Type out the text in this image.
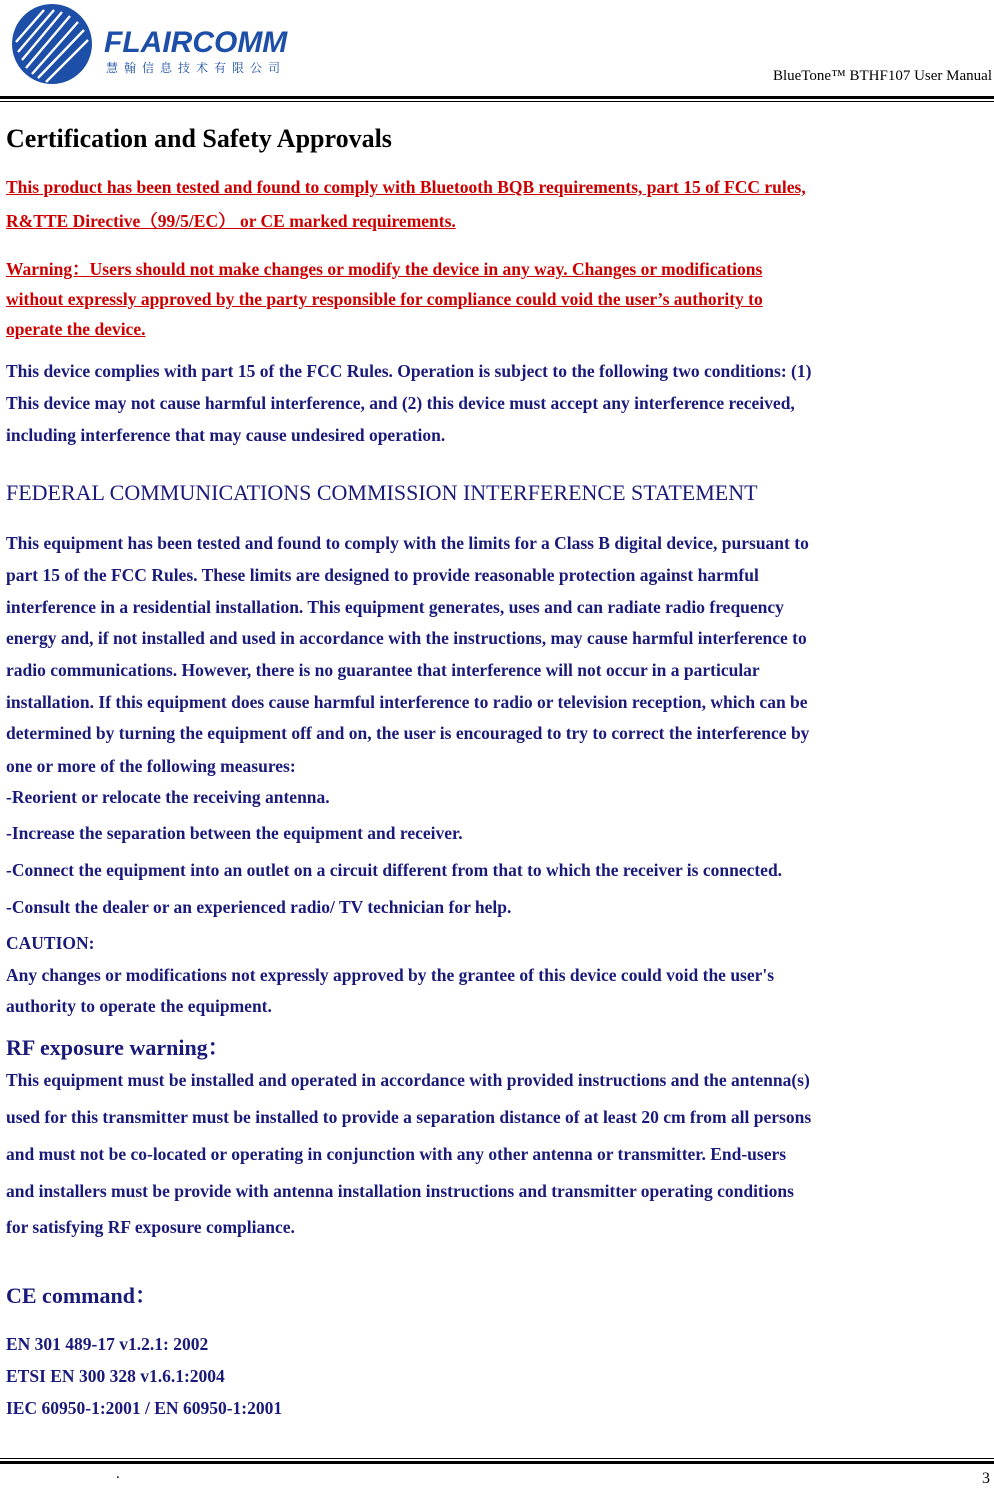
FLAIRCOMM
慧翰信息技术有限公司	BlueTone™ BTHF107 User Manual
Certification and Safety Approvals
This product has been tested and found to comply with Bluetooth BQB requirements, part 15 of FCC rules,
R&TTE Directive（99/5/EC） or CE marked requirements.
Warning：Users should not make changes or modify the device in any way. Changes or modifications
without expressly approved by the party responsible for compliance could void the user’s authority to
operate the device.
This device complies with part 15 of the FCC Rules. Operation is subject to the following two conditions: (1)
This device may not cause harmful interference, and (2) this device must accept any interference received,
including interference that may cause undesired operation.
FEDERAL COMMUNICATIONS COMMISSION INTERFERENCE STATEMENT
This equipment has been tested and found to comply with the limits for a Class B digital device, pursuant to
part 15 of the FCC Rules. These limits are designed to provide reasonable protection against harmful
interference in a residential installation. This equipment generates, uses and can radiate radio frequency
energy and, if not installed and used in accordance with the instructions, may cause harmful interference to
radio communications. However, there is no guarantee that interference will not occur in a particular
installation. If this equipment does cause harmful interference to radio or television reception, which can be
determined by turning the equipment off and on, the user is encouraged to try to correct the interference by
one or more of the following measures:
-Reorient or relocate the receiving antenna.
-Increase the separation between the equipment and receiver.
-Connect the equipment into an outlet on a circuit different from that to which the receiver is connected.
-Consult the dealer or an experienced radio/ TV technician for help.
CAUTION:
Any changes or modifications not expressly approved by the grantee of this device could void the user's
authority to operate the equipment.
RF exposure warning：
This equipment must be installed and operated in accordance with provided instructions and the antenna(s)
used for this transmitter must be installed to provide a separation distance of at least 20 cm from all persons
and must not be co-located or operating in conjunction with any other antenna or transmitter. End-users
and installers must be provide with antenna installation instructions and transmitter operating conditions
for satisfying RF exposure compliance.
CE command：
EN 301 489-17 v1.2.1: 2002
ETSI EN 300 328 v1.6.1:2004
IEC 60950-1:2001 / EN 60950-1:2001
.	3
